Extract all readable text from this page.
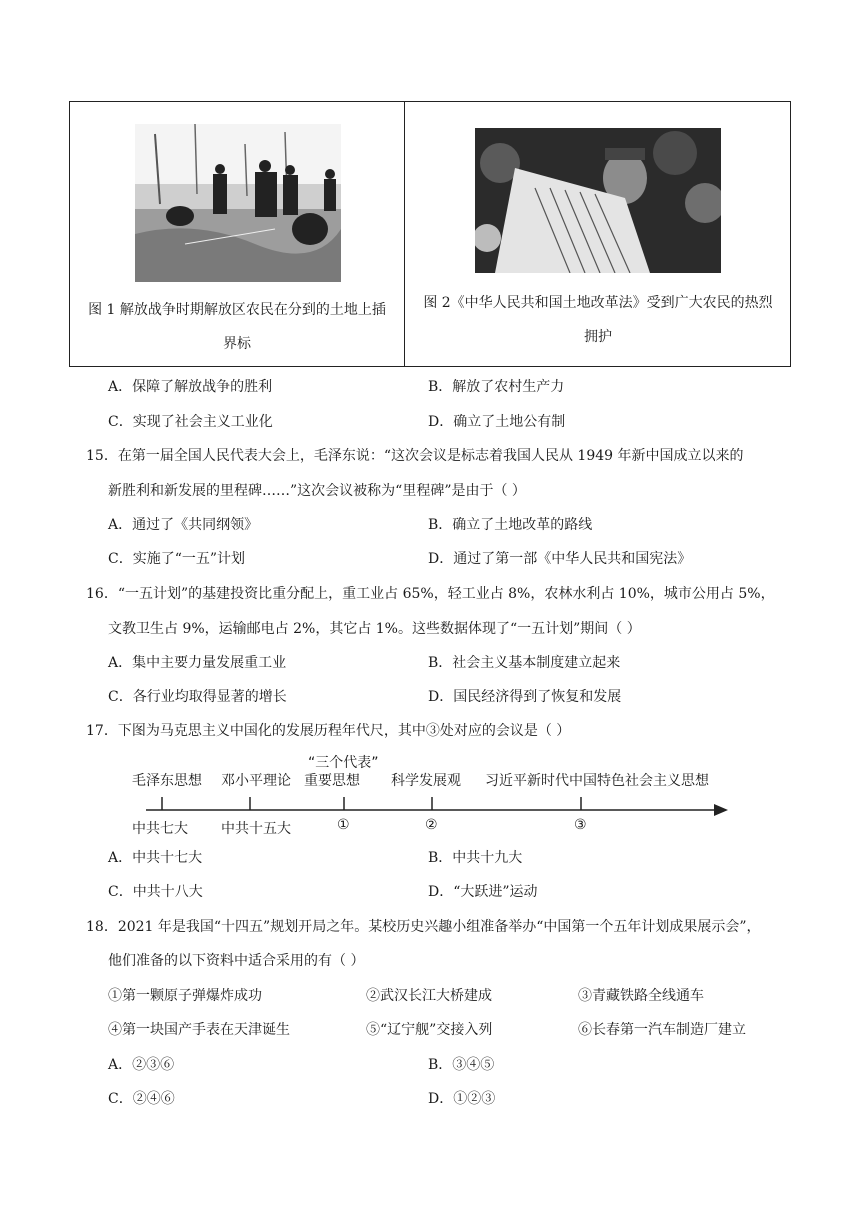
图 1 解放战争时期解放区农民在分到的土地上插
界标
图 2《中华人民共和国土地改革法》受到广大农民的热烈
拥护
A．保障了解放战争的胜利	B．解放了农村生产力
C．实现了社会主义工业化	D．确立了土地公有制
15．在第一届全国人民代表大会上，毛泽东说：“这次会议是标志着我国人民从 1949 年新中国成立以来的
新胜利和新发展的里程碑……”这次会议被称为“里程碑”是由于（ ）
A．通过了《共同纲领》	B．确立了土地改革的路线
C．实施了“一五”计划	D．通过了第一部《中华人民共和国宪法》
16．“一五计划”的基建投资比重分配上，重工业占 65%，轻工业占 8%，农林水利占 10%，城市公用占 5%，
文教卫生占 9%，运输邮电占 2%，其它占 1%。这些数据体现了“一五计划”期间（ ）
A．集中主要力量发展重工业	B．社会主义基本制度建立起来
C．各行业均取得显著的增长	D．国民经济得到了恢复和发展
17．下图为马克思主义中国化的发展历程年代尺，其中③处对应的会议是（ ）
毛泽东思想 邓小平理论
“三个代表”
重要思想 科学发展观 习近平新时代中国特色社会主义思想
中共七大 中共十五大	①	②	③
A．中共十七大	B．中共十九大
C．中共十八大	D．“大跃进”运动
18．2021 年是我国“十四五”规划开局之年。某校历史兴趣小组准备举办“中国第一个五年计划成果展示会”，
他们准备的以下资料中适合采用的有（ ）
①第一颗原子弹爆炸成功	②武汉长江大桥建成	③青藏铁路全线通车
④第一块国产手表在天津诞生	⑤“辽宁舰”交接入列	⑥长春第一汽车制造厂建立
A．②③⑥	B．③④⑤
C．②④⑥	D．①②③
